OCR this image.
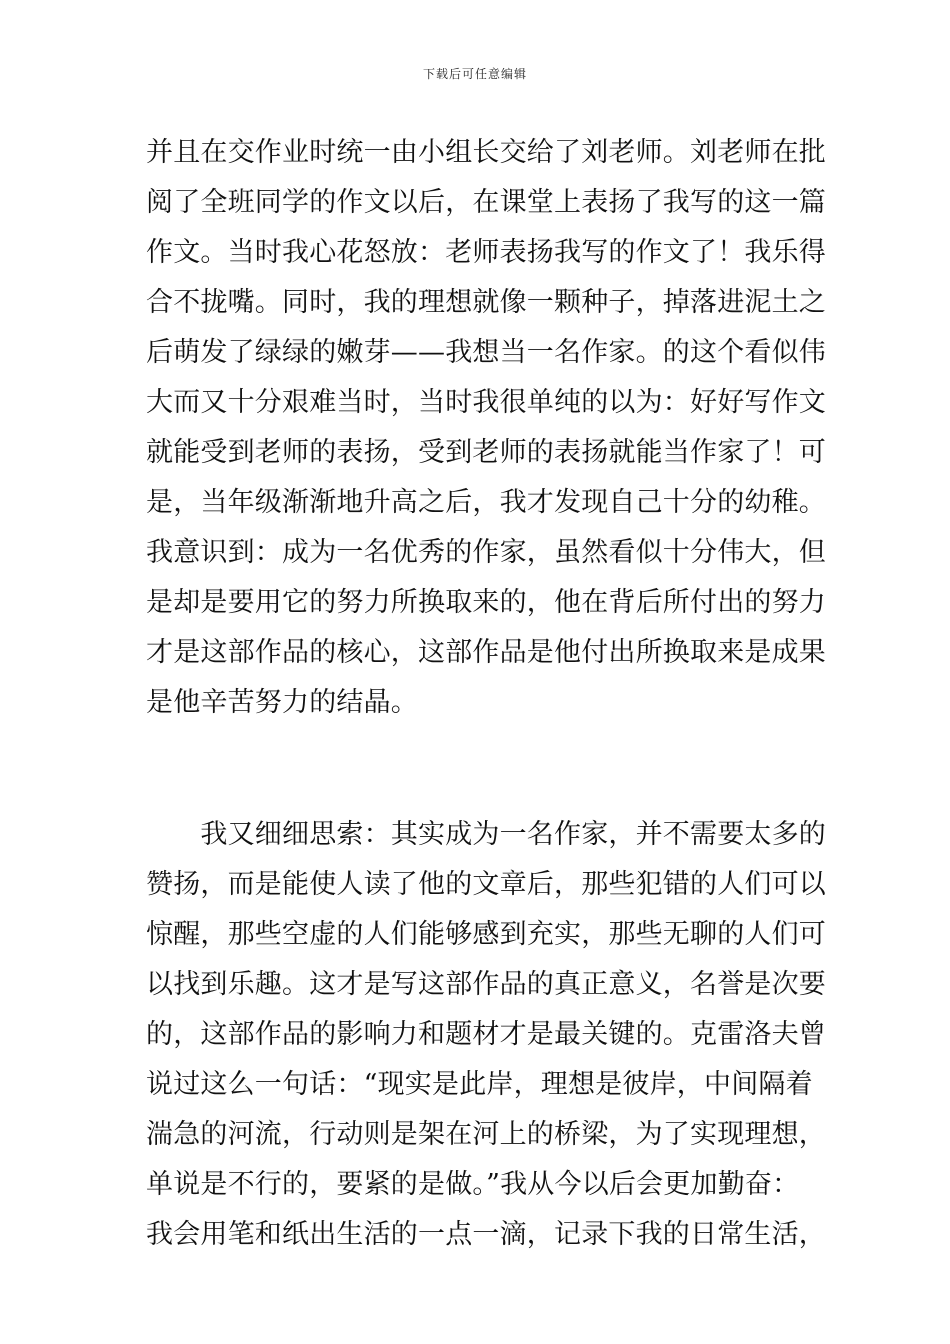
下载后可任意编辑
并且在交作业时统一由小组长交给了刘老师。刘老师在批
阅了全班同学的作文以后，在课堂上表扬了我写的这一篇
作文。当时我心花怒放：老师表扬我写的作文了！我乐得
合不拢嘴。同时，我的理想就像一颗种子，掉落进泥土之
后萌发了绿绿的嫩芽——我想当一名作家。的这个看似伟
大而又十分艰难当时，当时我很单纯的以为：好好写作文
就能受到老师的表扬，受到老师的表扬就能当作家了！可
是，当年级渐渐地升高之后，我才发现自己十分的幼稚。
我意识到：成为一名优秀的作家，虽然看似十分伟大，但
是却是要用它的努力所换取来的，他在背后所付出的努力
才是这部作品的核心，这部作品是他付出所换取来是成果
是他辛苦努力的结晶。
　　我又细细思索：其实成为一名作家，并不需要太多的
赞扬，而是能使人读了他的文章后，那些犯错的人们可以
惊醒，那些空虚的人们能够感到充实，那些无聊的人们可
以找到乐趣。这才是写这部作品的真正意义，名誉是次要
的，这部作品的影响力和题材才是最关键的。克雷洛夫曾
说过这么一句话：“现实是此岸，理想是彼岸，中间隔着
湍急的河流，行动则是架在河上的桥梁，为了实现理想，
单说是不行的，要紧的是做。”我从今以后会更加勤奋：
我会用笔和纸出生活的一点一滴，记录下我的日常生活，
